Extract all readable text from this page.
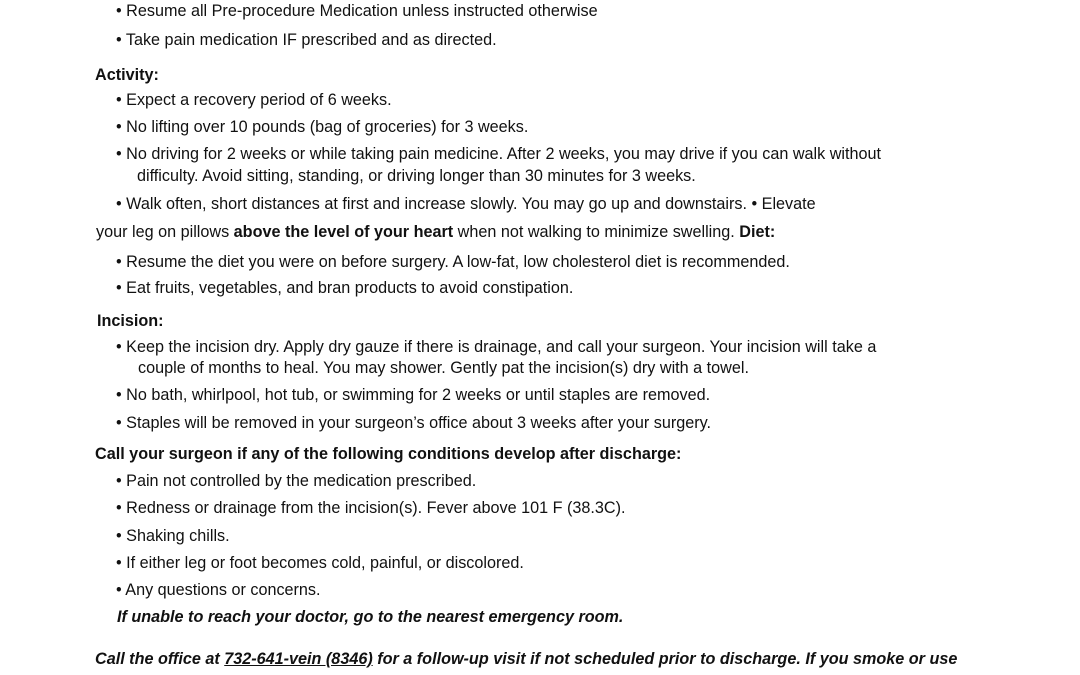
• Resume all Pre-procedure Medication unless instructed otherwise
• Take pain medication IF prescribed and as directed.
Activity:
• Expect a recovery period of 6 weeks.
• No lifting over 10 pounds (bag of groceries) for 3 weeks.
• No driving for 2 weeks or while taking pain medicine. After 2 weeks, you may drive if you can walk without
difficulty. Avoid sitting, standing, or driving longer than 30 minutes for 3 weeks.
• Walk often, short distances at first and increase slowly. You may go up and downstairs. • Elevate
your leg on pillows above the level of your heart when not walking to minimize swelling. Diet:
• Resume the diet you were on before surgery. A low-fat, low cholesterol diet is recommended.
• Eat fruits, vegetables, and bran products to avoid constipation.
Incision:
• Keep the incision dry. Apply dry gauze if there is drainage, and call your surgeon. Your incision will take a
couple of months to heal. You may shower. Gently pat the incision(s) dry with a towel.
• No bath, whirlpool, hot tub, or swimming for 2 weeks or until staples are removed.
• Staples will be removed in your surgeon’s office about 3 weeks after your surgery.
Call your surgeon if any of the following conditions develop after discharge:
• Pain not controlled by the medication prescribed.
• Redness or drainage from the incision(s). Fever above 101 F (38.3C).
• Shaking chills.
• If either leg or foot becomes cold, painful, or discolored.
• Any questions or concerns.
If unable to reach your doctor, go to the nearest emergency room.
Call the office at 732-641-vein (8346) for a follow-up visit if not scheduled prior to discharge. If you smoke or use
